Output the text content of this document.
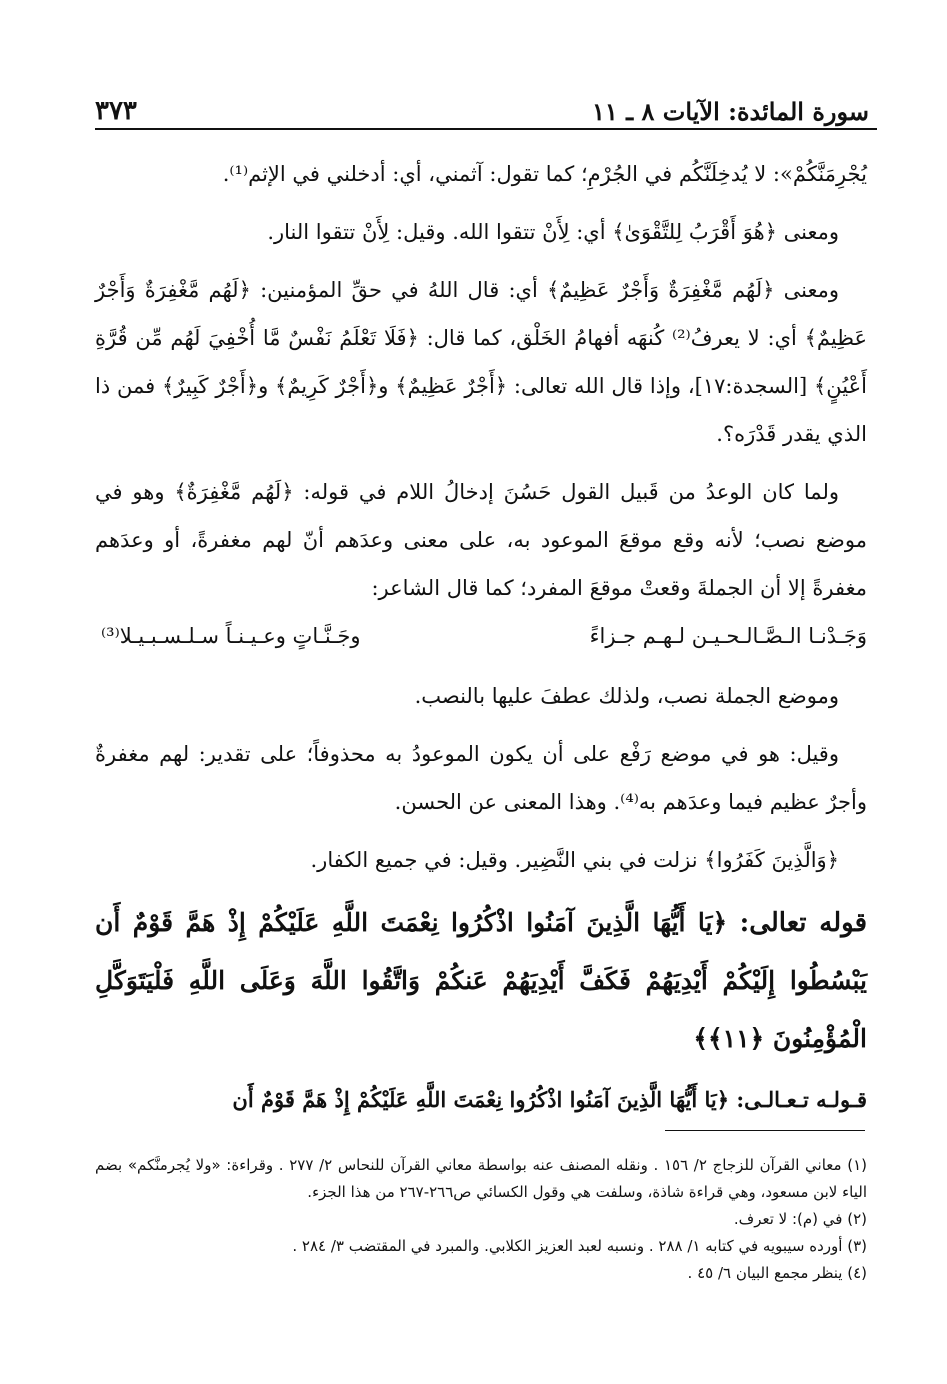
سورة المائدة: الآيات ٨ ـ ١١
٣٧٣

يُجْرِمَنَّكُمْ»: لا يُدخِلَنَّكُم في الجُرْمِ؛ كما تقول: آثمني، أي: أدخلني في الإثم⁽¹⁾.

ومعنى ﴿هُوَ أَقْرَبُ لِلتَّقْوَىٰ﴾ أي: لِأَنْ تتقوا الله. وقيل: لِأَنْ تتقوا النار.

ومعنى ﴿لَهُم مَّغْفِرَةٌ وَأَجْرٌ عَظِيمٌ﴾ أي: قال اللهُ في حقِّ المؤمنين: ﴿لَهُم مَّغْفِرَةٌ وَأَجْرٌ عَظِيمٌ﴾ أي: لا يعرفُ⁽²⁾ كُنهَه أفهامُ الخَلْق، كما قال: ﴿فَلَا تَعْلَمُ نَفْسٌ مَّا أُخْفِيَ لَهُم مِّن قُرَّةِ أَعْيُنٍ﴾ [السجدة:١٧]، وإذا قال الله تعالى: ﴿أَجْرٌ عَظِيمٌ﴾ و﴿أَجْرٌ كَرِيمٌ﴾ و﴿أَجْرٌ كَبِيرٌ﴾ فمن ذا الذي يقدر قَدْرَه؟.

ولما كان الوعدُ من قَبيل القول حَسُنَ إدخالُ اللام في قوله: ﴿لَهُم مَّغْفِرَةٌ﴾ وهو في موضع نصب؛ لأنه وقع موقعَ الموعود به، على معنى وعدَهم أنّ لهم مغفرةً، أو وعدَهم مغفرةً إلا أن الجملةَ وقعتْ موقعَ المفرد؛ كما قال الشاعر:

وَجَـدْنـا الـصَّـالـحـيـن لـهـم جـزاءً
وجَـنَّـاتٍ وعـيـنـاً سـلـسـبـيـلا⁽³⁾

وموضع الجملة نصب، ولذلك عطفَ عليها بالنصب.

وقيل: هو في موضع رَفْع على أن يكون الموعودُ به محذوفاً؛ على تقدير: لهم مغفرةٌ وأجرٌ عظيم فيما وعدَهم به⁽⁴⁾. وهذا المعنى عن الحسن.

﴿وَالَّذِينَ كَفَرُوا﴾ نزلت في بني النَّضِير. وقيل: في جميع الكفار.

قوله تعالى: ﴿يَا أَيُّهَا الَّذِينَ آمَنُوا اذْكُرُوا نِعْمَتَ اللَّهِ عَلَيْكُمْ إِذْ هَمَّ قَوْمٌ أَن يَبْسُطُوا إِلَيْكُمْ أَيْدِيَهُمْ فَكَفَّ أَيْدِيَهُمْ عَنكُمْ وَاتَّقُوا اللَّهَ وَعَلَى اللَّهِ فَلْيَتَوَكَّلِ الْمُؤْمِنُونَ ﴿١١﴾﴾

قـولـه تـعـالـى: ﴿يَا أَيُّهَا الَّذِينَ آمَنُوا اذْكُرُوا نِعْمَتَ اللَّهِ عَلَيْكُمْ إِذْ هَمَّ قَوْمٌ أَن

(١) معاني القرآن للزجاج ٢/ ١٥٦ . ونقله المصنف عنه بواسطة معاني القرآن للنحاس ٢/ ٢٧٧ . وقراءة: «ولا يُجرمنَّكم» بضم الياء لابن مسعود، وهي قراءة شاذة، وسلفت هي وقول الكسائي ص٢٦٦-٢٦٧ من هذا الجزء.
(٢) في (م): لا تعرف.
(٣) أورده سيبويه في كتابه ١/ ٢٨٨ . ونسبه لعبد العزيز الكلابي. والمبرد في المقتضب ٣/ ٢٨٤ .
(٤) ينظر مجمع البيان ٦/ ٤٥ .
